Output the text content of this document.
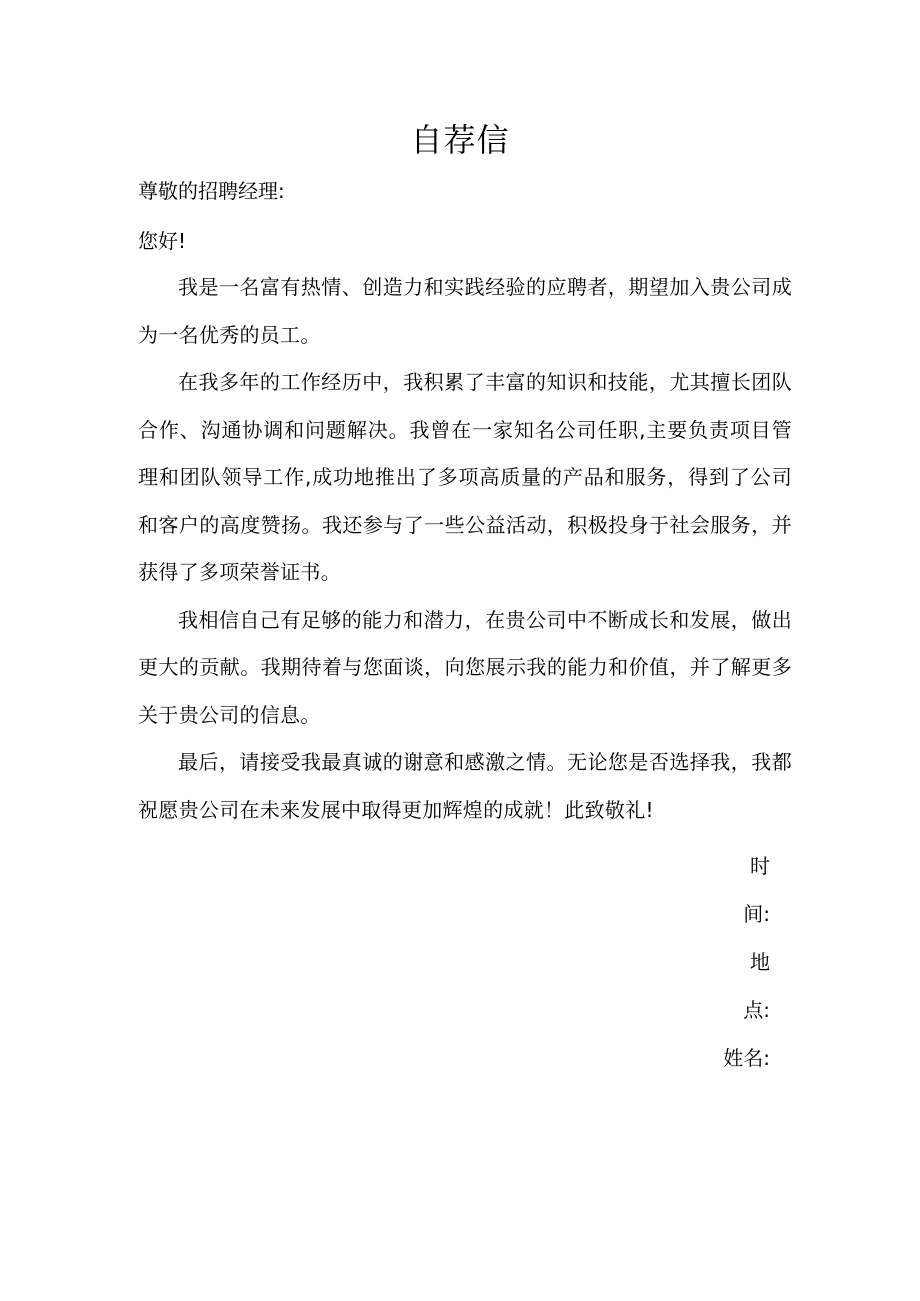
自荐信
尊敬的招聘经理:
您好!

我是一名富有热情、创造力和实践经验的应聘者，期望加入贵公司成为一名优秀的员工。

在我多年的工作经历中，我积累了丰富的知识和技能，尤其擅长团队合作、沟通协调和问题解决。我曾在一家知名公司任职,主要负责项目管理和团队领导工作,成功地推出了多项高质量的产品和服务，得到了公司和客户的高度赞扬。我还参与了一些公益活动，积极投身于社会服务，并获得了多项荣誉证书。

我相信自己有足够的能力和潜力，在贵公司中不断成长和发展，做出更大的贡献。我期待着与您面谈，向您展示我的能力和价值，并了解更多关于贵公司的信息。

最后，请接受我最真诚的谢意和感激之情。无论您是否选择我，我都祝愿贵公司在未来发展中取得更加辉煌的成就！此致敬礼!

时
间:
地
点:
姓名:
